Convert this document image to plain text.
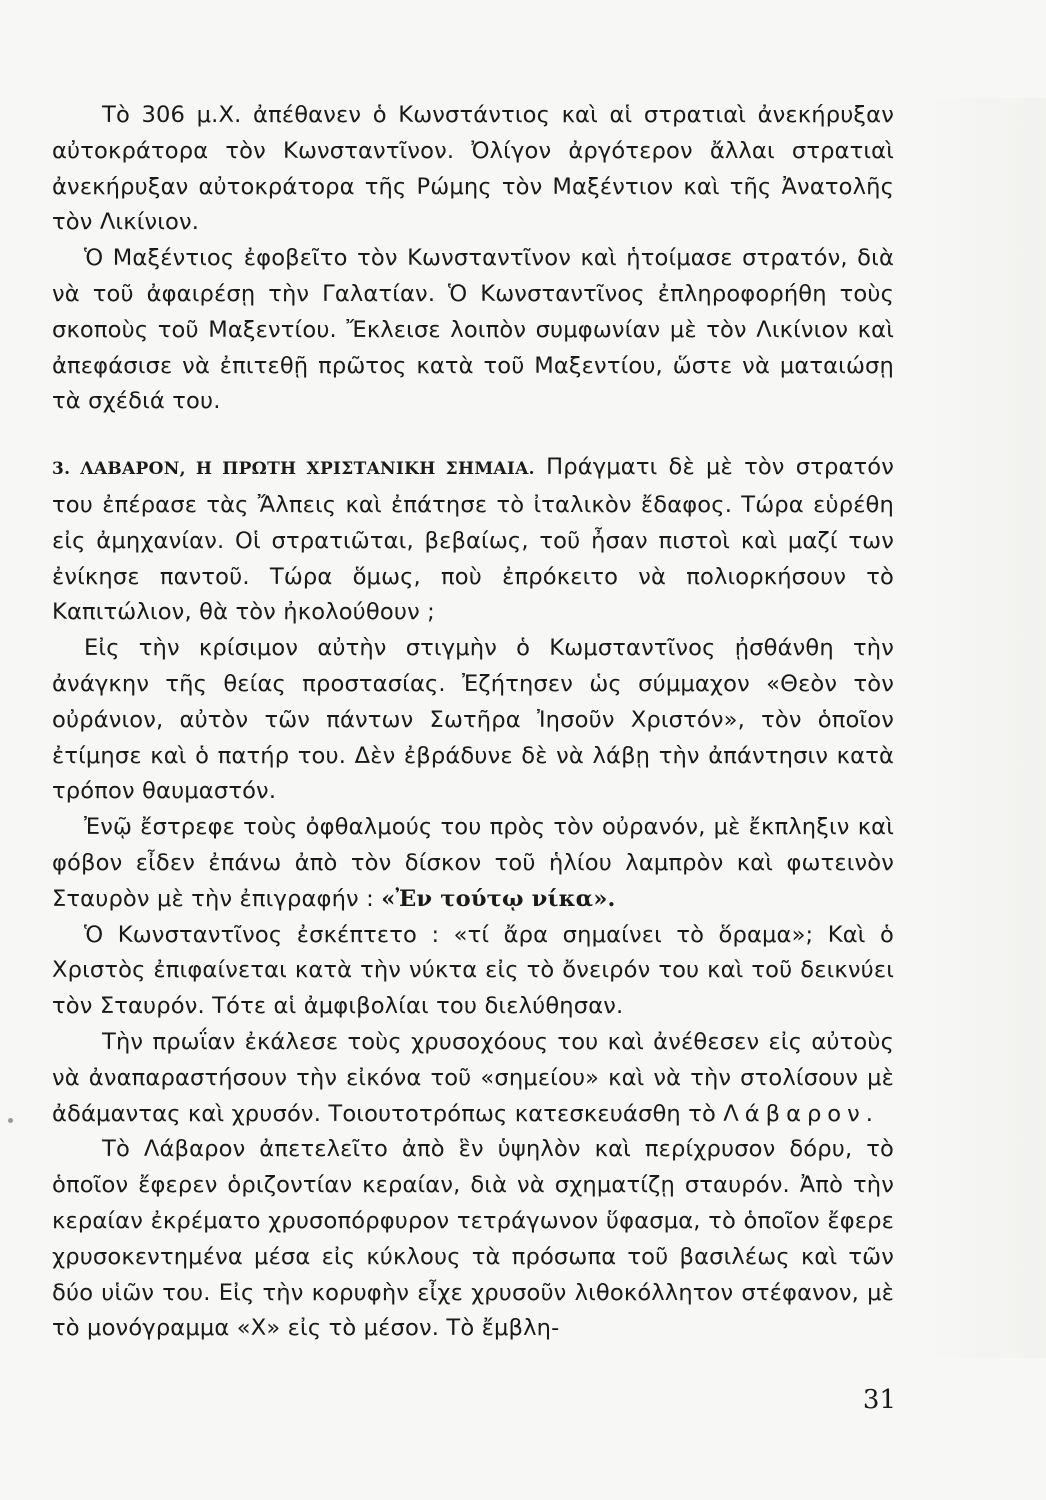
Τὸ 306 μ.Χ. ἀπέθανεν ὁ Κωνστάντιος καὶ αἱ στρατιαὶ ἀνεκήρυξαν αὐτοκράτορα τὸν Κωνσταντῖνον. Ὀλίγον ἀργότερον ἄλλαι στρατιαὶ ἀνεκήρυξαν αὐτοκράτορα τῆς Ρώμης τὸν Μαξέντιον καὶ τῆς Ἀνατολῆς τὸν Λικίνιον.

Ὁ Μαξέντιος ἐφοβεῖτο τὸν Κωνσταντῖνον καὶ ἡτοίμασε στρατόν, διὰ νὰ τοῦ ἀφαιρέσῃ τὴν Γαλατίαν. Ὁ Κωνσταντῖνος ἐπληροφορήθη τοὺς σκοποὺς τοῦ Μαξεντίου. Ἔκλεισε λοιπὸν συμφωνίαν μὲ τὸν Λικίνιον καὶ ἀπεφάσισε νὰ ἐπιτεθῇ πρῶτος κατὰ τοῦ Μαξεντίου, ὥστε νὰ ματαιώσῃ τὰ σχέδιά του.

3. ΛΑΒΑΡΟΝ, Η ΠΡΩΤΗ ΧΡΙΣΤΑΝΙΚΗ ΣΗΜΑΙΑ. Πράγματι δὲ μὲ τὸν στρατόν του ἐπέρασε τὰς Ἄλπεις καὶ ἐπάτησε τὸ ἰταλικὸν ἔδαφος. Τώρα εὑρέθη εἰς ἀμηχανίαν. Οἱ στρατιῶται, βεβαίως, τοῦ ἦσαν πιστοὶ καὶ μαζί των ἐνίκησε παντοῦ. Τώρα ὅμως, ποὺ ἐπρόκειτο νὰ πολιορκήσουν τὸ Καπιτώλιον, θὰ τὸν ἠκολούθουν ;

Εἰς τὴν κρίσιμον αὐτὴν στιγμὴν ὁ Κωμσταντῖνος ᾐσθάνθη τὴν ἀνάγκην τῆς θείας προστασίας. Ἐζήτησεν ὡς σύμμαχον «Θεὸν τὸν οὐράνιον, αὐτὸν τῶν πάντων Σωτῆρα Ἰησοῦν Χριστόν», τὸν ὁποῖον ἐτίμησε καὶ ὁ πατήρ του. Δὲν ἐβράδυνε δὲ νὰ λάβῃ τὴν ἀπάντησιν κατὰ τρόπον θαυμαστόν.

Ἐνῷ ἔστρεφε τοὺς ὀφθαλμούς του πρὸς τὸν οὐρανόν, μὲ ἔκπληξιν καὶ φόβον εἶδεν ἐπάνω ἀπὸ τὸν δίσκον τοῦ ἡλίου λαμπρὸν καὶ φωτεινὸν Σταυρὸν μὲ τὴν ἐπιγραφήν : «Ἐν τούτῳ νίκα».

Ὁ Κωνσταντῖνος ἐσκέπτετο : «τί ἄρα σημαίνει τὸ ὅραμα»; Καὶ ὁ Χριστὸς ἐπιφαίνεται κατὰ τὴν νύκτα εἰς τὸ ὄνειρόν του καὶ τοῦ δεικνύει τὸν Σταυρόν. Τότε αἱ ἀμφιβολίαι του διελύθησαν.

Τὴν πρωΐαν ἐκάλεσε τοὺς χρυσοχόους του καὶ ἀνέθεσεν εἰς αὐτοὺς νὰ ἀναπαραστήσουν τὴν εἰκόνα τοῦ «σημείου» καὶ νὰ τὴν στολίσουν μὲ ἀδάμαντας καὶ χρυσόν. Τοιουτοτρόπως κατεσκευάσθη τὸ Λάβαρον.

Τὸ Λάβαρον ἀπετελεῖτο ἀπὸ ἓν ὑψηλὸν καὶ περίχρυσον δόρυ, τὸ ὁποῖον ἔφερεν ὁριζοντίαν κεραίαν, διὰ νὰ σχηματίζῃ σταυρόν. Ἀπὸ τὴν κεραίαν ἐκρέματο χρυσοπόρφυρον τετράγωνον ὕφασμα, τὸ ὁποῖον ἔφερε χρυσοκεντημένα μέσα εἰς κύκλους τὰ πρόσωπα τοῦ βασιλέως καὶ τῶν δύο υἱῶν του. Εἰς τὴν κορυφὴν εἶχε χρυσοῦν λιθοκόλλητον στέφανον, μὲ τὸ μονόγραμμα «Χ» εἰς τὸ μέσον. Τὸ ἔμβλη-

31
